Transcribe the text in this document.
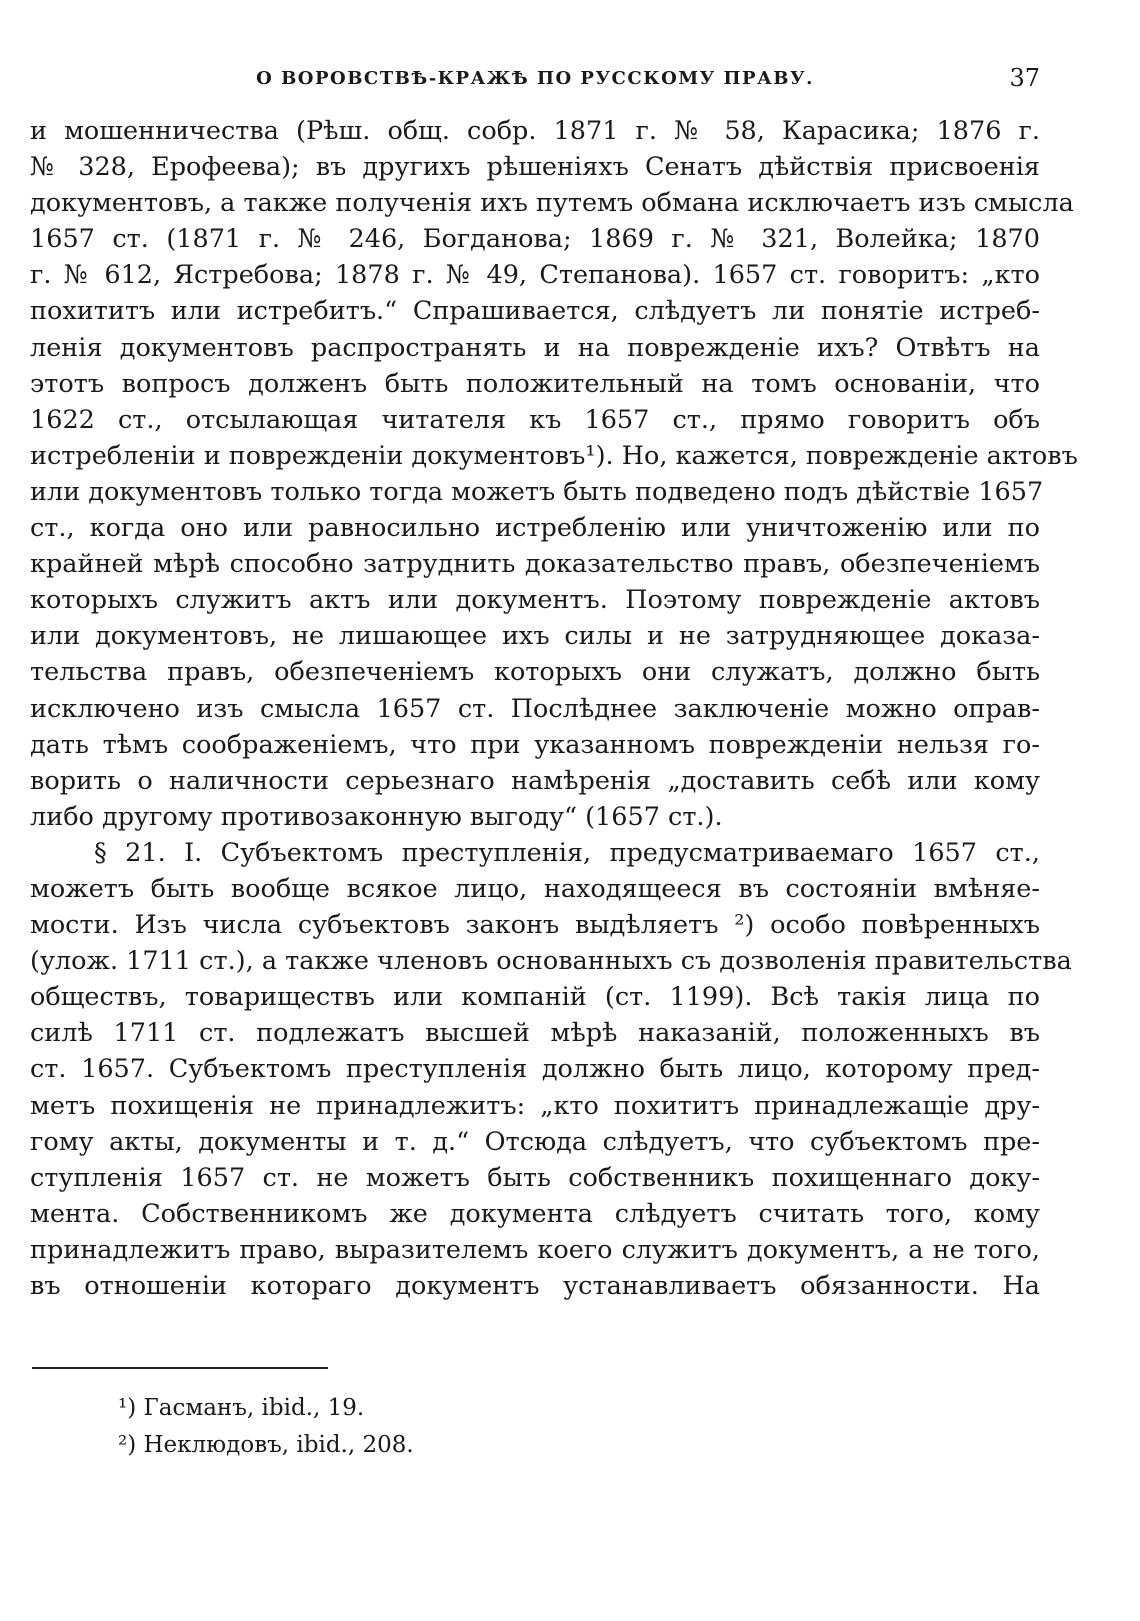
О ВОРОВСТВѢ-КРАЖѢ ПО РУССКОМУ ПРАВУ.	37
и мошенничества (Рѣш. общ. собр. 1871 г. № 58, Карасика; 1876 г.
№ 328, Ерофеева); въ другихъ рѣшеніяхъ Сенатъ дѣйствія присвоенія
документовъ, а также полученія ихъ путемъ обмана исключаетъ изъ смысла
1657 ст. (1871 г. № 246, Богданова; 1869 г. № 321, Волейка; 1870
г. № 612, Ястребова; 1878 г. № 49, Степанова). 1657 ст. говоритъ: „кто
похититъ или истребитъ.“ Спрашивается, слѣдуетъ ли понятіе истреб-
ленія документовъ распространять и на поврежденіе ихъ? Отвѣтъ на
этотъ вопросъ долженъ быть положительный на томъ основаніи, что
1622 ст., отсылающая читателя къ 1657 ст., прямо говоритъ объ
истребленіи и поврежденіи документовъ¹). Но, кажется, поврежденіе актовъ
или документовъ только тогда можетъ быть подведено подъ дѣйствіе 1657
ст., когда оно или равносильно истребленію или уничтоженію или по
крайней мѣрѣ способно затруднить доказательство правъ, обезпеченіемъ
которыхъ служитъ актъ или документъ. Поэтому поврежденіе актовъ
или документовъ, не лишающее ихъ силы и не затрудняющее доказа-
тельства правъ, обезпеченіемъ которыхъ они служатъ, должно быть
исключено изъ смысла 1657 ст. Послѣднее заключеніе можно оправ-
дать тѣмъ соображеніемъ, что при указанномъ поврежденіи нельзя го-
ворить о наличности серьезнаго намѣренія „доставить себѣ или кому
либо другому противозаконную выгоду“ (1657 ст.).
§ 21. I. Субъектомъ преступленія, предусматриваемаго 1657 ст.,
можетъ быть вообще всякое лицо, находящееся въ состояніи вмѣняе-
мости. Изъ числа субъектовъ законъ выдѣляетъ ²) особо повѣренныхъ
(улож. 1711 ст.), а также членовъ основанныхъ съ дозволенія правительства
обществъ, товариществъ или компаній (ст. 1199). Всѣ такія лица по
силѣ 1711 ст. подлежатъ высшей мѣрѣ наказаній, положенныхъ въ
ст. 1657. Субъектомъ преступленія должно быть лицо, которому пред-
метъ похищенія не принадлежитъ: „кто похититъ принадлежащіе дру-
гому акты, документы и т. д.“ Отсюда слѣдуетъ, что субъектомъ пре-
ступленія 1657 ст. не можетъ быть собственникъ похищеннаго доку-
мента. Собственникомъ же документа слѣдуетъ считать того, кому
принадлежитъ право, выразителемъ коего служитъ документъ, а не того,
въ отношеніи котораго документъ устанавливаетъ обязанности. На
¹) Гасманъ, ibid., 19.
²) Неклюдовъ, ibid., 208.
